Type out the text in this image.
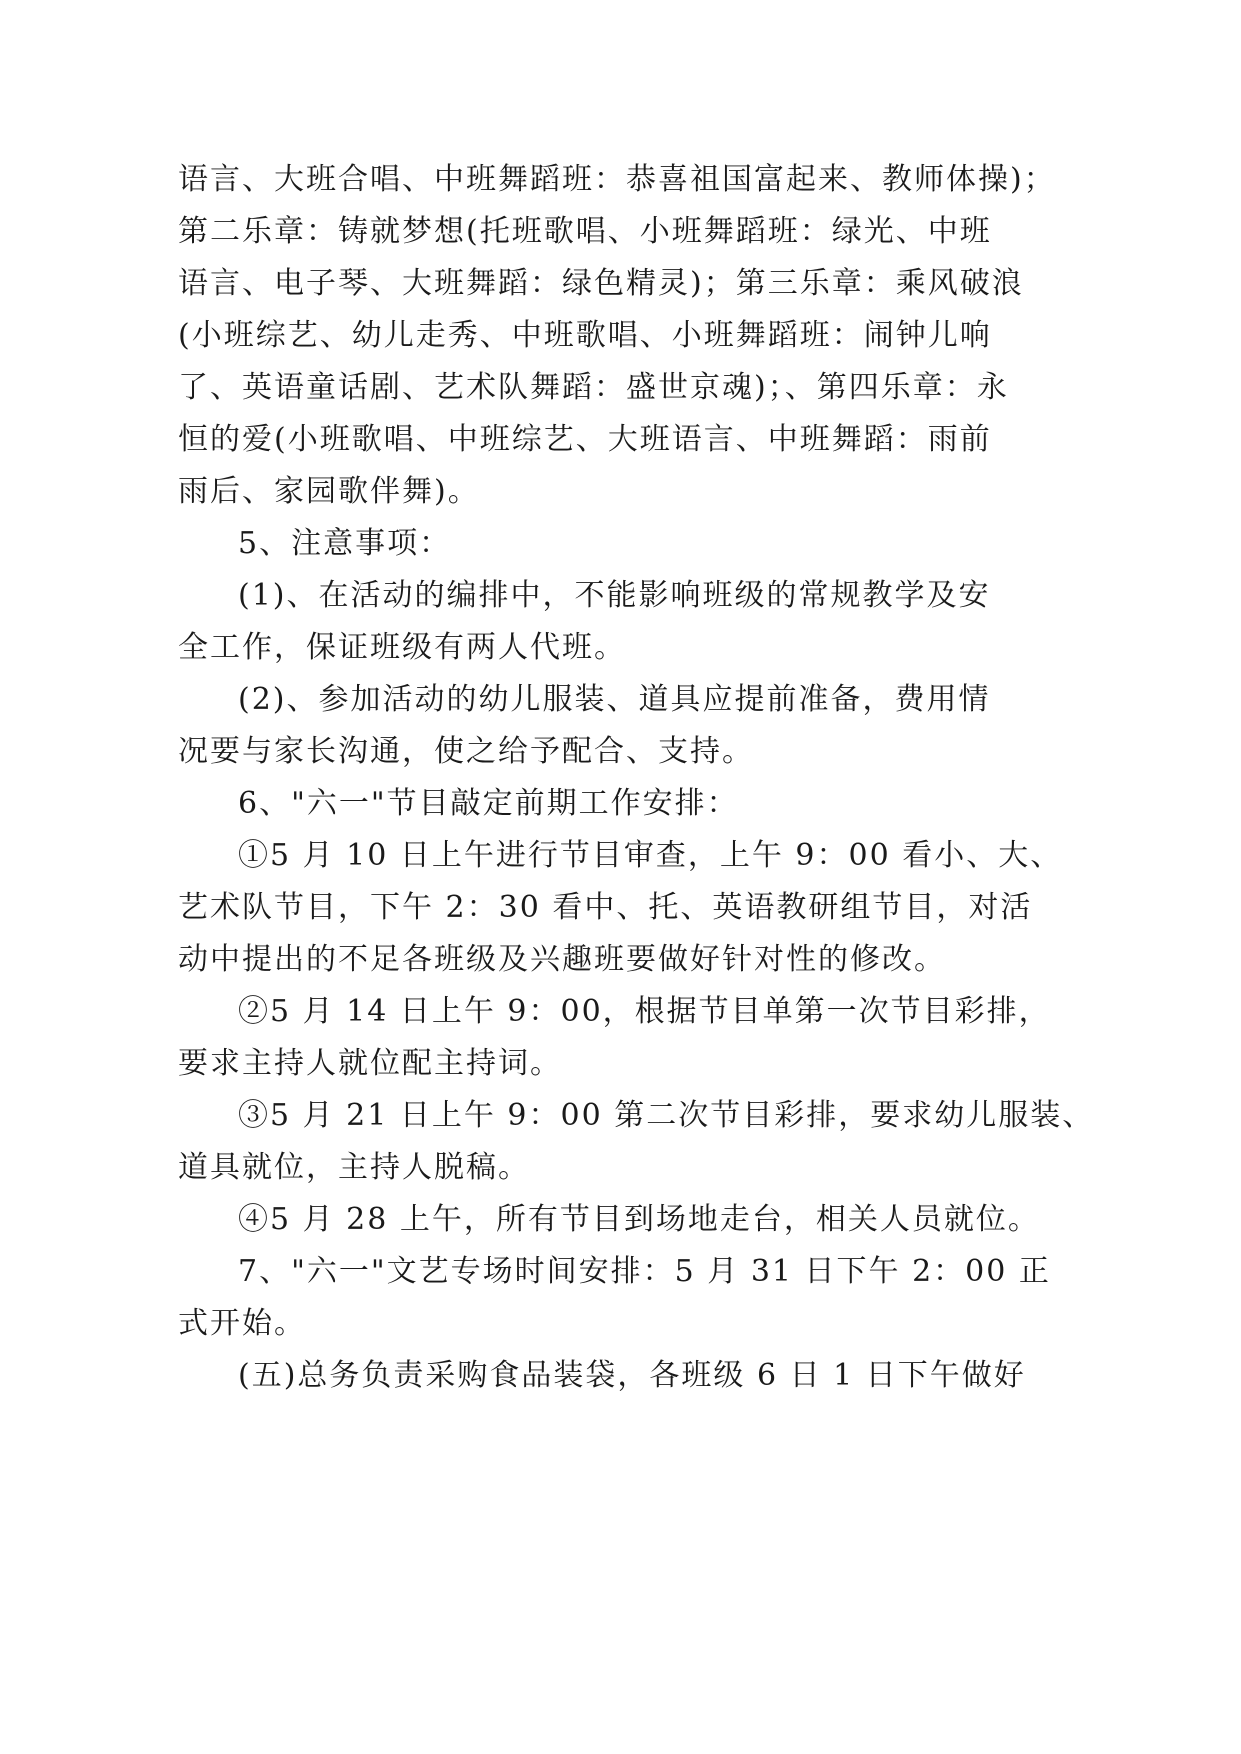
语言、大班合唱、中班舞蹈班：恭喜祖国富起来、教师体操)；
第二乐章：铸就梦想(托班歌唱、小班舞蹈班：绿光、中班
语言、电子琴、大班舞蹈：绿色精灵)；第三乐章：乘风破浪
(小班综艺、幼儿走秀、中班歌唱、小班舞蹈班：闹钟儿响
了、英语童话剧、艺术队舞蹈：盛世京魂)；、第四乐章：永
恒的爱(小班歌唱、中班综艺、大班语言、中班舞蹈：雨前
雨后、家园歌伴舞)。
5、注意事项：
(1)、在活动的编排中，不能影响班级的常规教学及安
全工作，保证班级有两人代班。
(2)、参加活动的幼儿服装、道具应提前准备，费用情
况要与家长沟通，使之给予配合、支持。
6、"六一"节目敲定前期工作安排：
①5 月 10 日上午进行节目审查，上午 9：00 看小、大、
艺术队节目，下午 2：30 看中、托、英语教研组节目，对活
动中提出的不足各班级及兴趣班要做好针对性的修改。
②5 月 14 日上午 9：00，根据节目单第一次节目彩排，
要求主持人就位配主持词。
③5 月 21 日上午 9：00 第二次节目彩排，要求幼儿服装、
道具就位，主持人脱稿。
④5 月 28 上午，所有节目到场地走台，相关人员就位。
7、"六一"文艺专场时间安排：5 月 31 日下午 2：00 正
式开始。
(五)总务负责采购食品装袋，各班级 6 日 1 日下午做好
